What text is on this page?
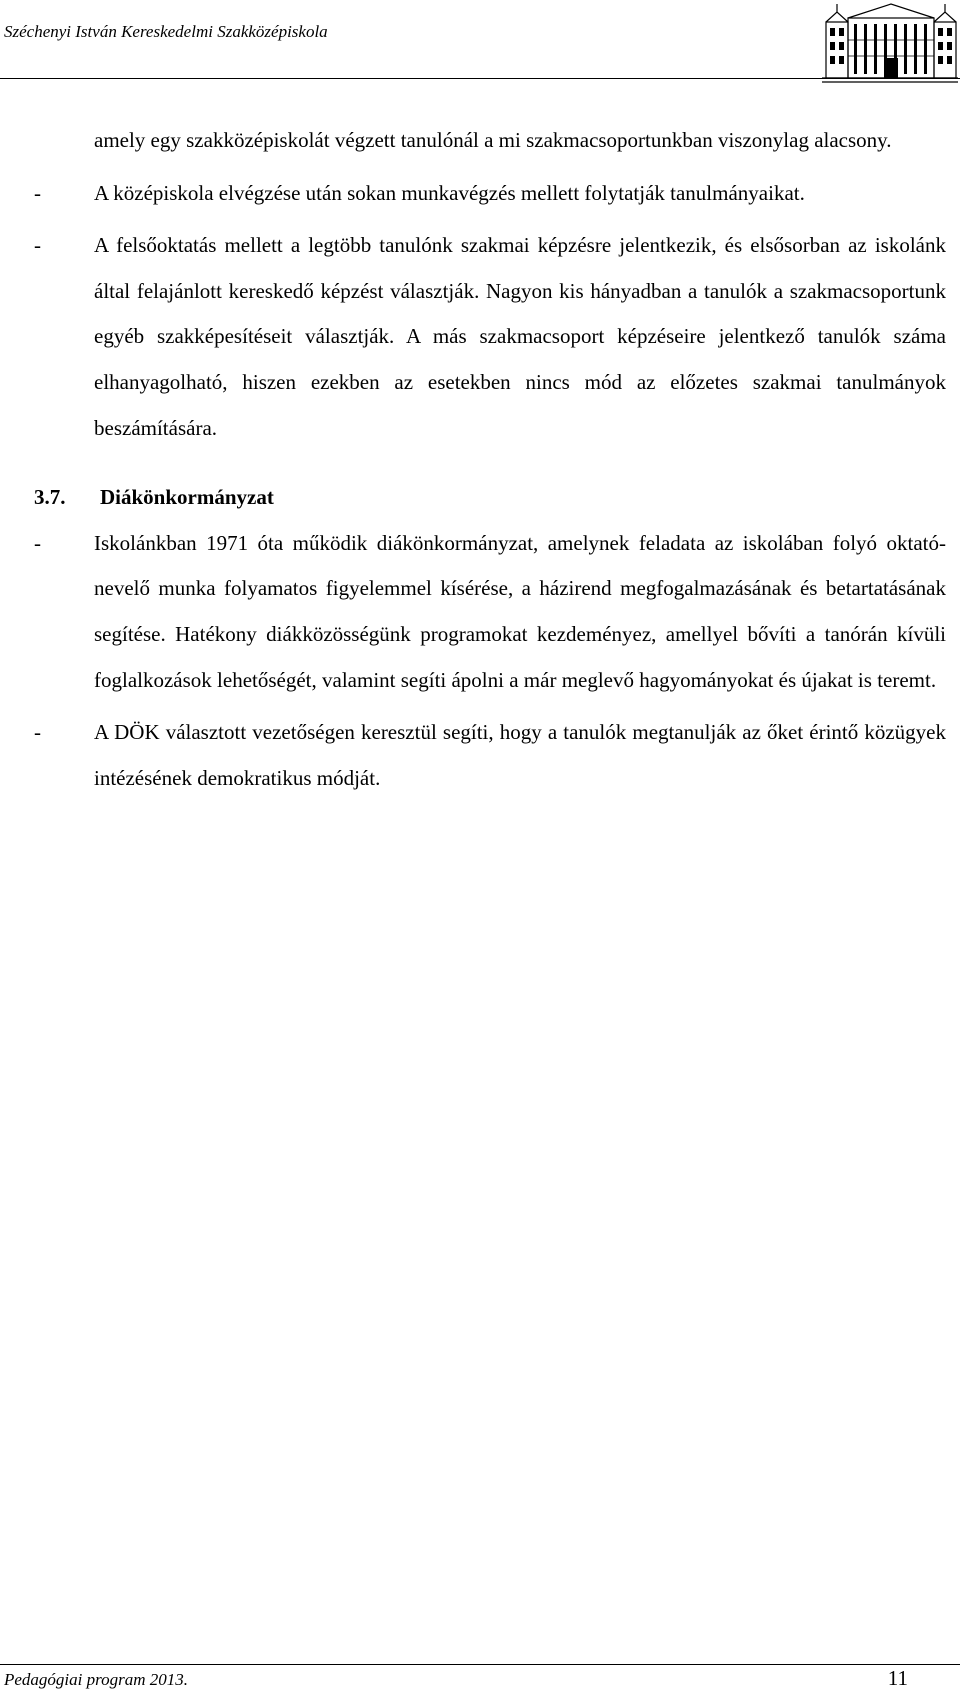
Széchenyi István Kereskedelmi Szakközépiskola

amely egy szakközépiskolát végzett tanulónál a mi szakmacsoportunkban viszonylag alacsony.

-	A középiskola elvégzése után sokan munkavégzés mellett folytatják tanulmányaikat.
-	A felsőoktatás mellett a legtöbb tanulónk szakmai képzésre jelentkezik, és elsősorban az iskolánk által felajánlott kereskedő képzést választják. Nagyon kis hányadban a tanulók a szakmacsoportunk egyéb szakképesítéseit választják. A más szakmacsoport képzéseire jelentkező tanulók száma elhanyagolható, hiszen ezekben az esetekben nincs mód az előzetes szakmai tanulmányok beszámítására.
3.7.	Diákönkormányzat
-	Iskolánkban 1971 óta működik diákönkormányzat, amelynek feladata az iskolában folyó oktató-nevelő munka folyamatos figyelemmel kísérése, a házirend megfogalmazásának és betartatásának segítése. Hatékony diákközösségünk programokat kezdeményez, amellyel bővíti a tanórán kívüli foglalkozások lehetőségét, valamint segíti ápolni a már meglevő hagyományokat és újakat is teremt.
-	A DÖK választott vezetőségen keresztül segíti, hogy a tanulók megtanulják az őket érintő közügyek intézésének demokratikus módját.
Pedagógiai program 2013.	11
